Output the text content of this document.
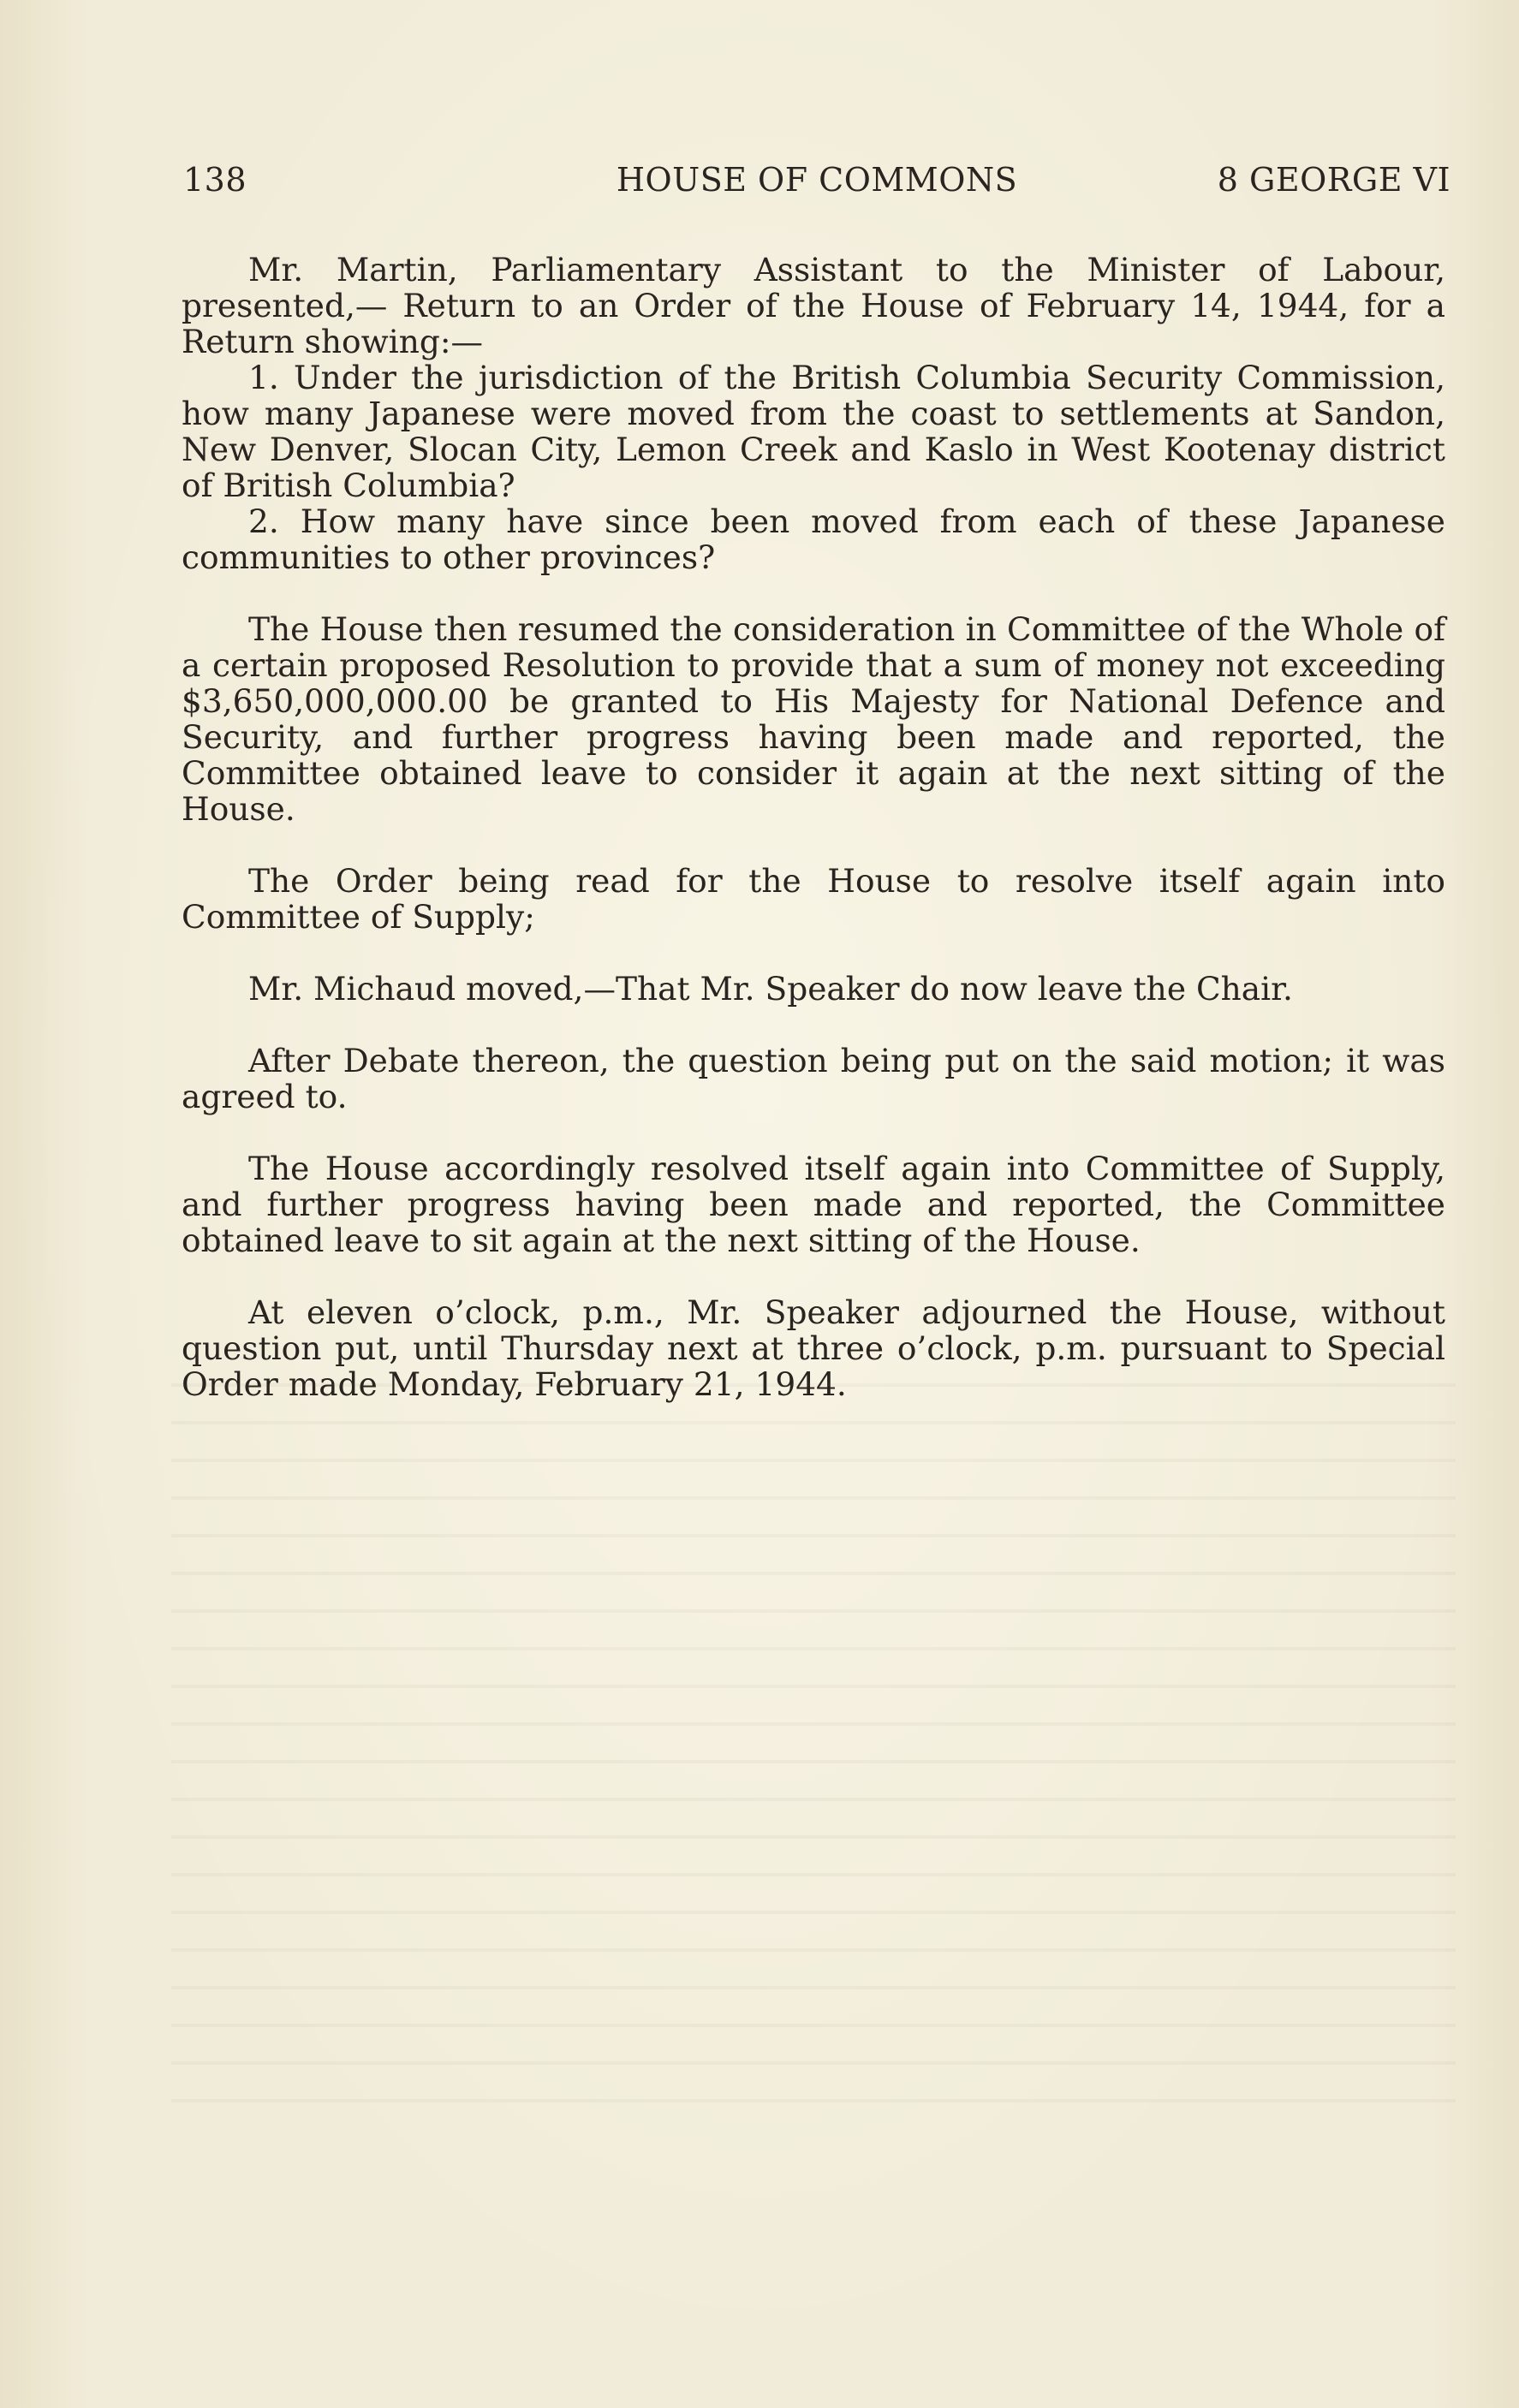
138	HOUSE OF COMMONS	8 GEORGE VI

Mr. Martin, Parliamentary Assistant to the Minister of Labour, presented,— Return to an Order of the House of February 14, 1944, for a Return showing:—

1. Under the jurisdiction of the British Columbia Security Commission, how many Japanese were moved from the coast to settlements at Sandon, New Denver, Slocan City, Lemon Creek and Kaslo in West Kootenay district of British Columbia?

2. How many have since been moved from each of these Japanese communities to other provinces?

The House then resumed the consideration in Committee of the Whole of a certain proposed Resolution to provide that a sum of money not exceeding $3,650,000,000.00 be granted to His Majesty for National Defence and Security, and further progress having been made and reported, the Committee obtained leave to consider it again at the next sitting of the House.

The Order being read for the House to resolve itself again into Committee of Supply;

Mr. Michaud moved,—That Mr. Speaker do now leave the Chair.

After Debate thereon, the question being put on the said motion; it was agreed to.

The House accordingly resolved itself again into Committee of Supply, and further progress having been made and reported, the Committee obtained leave to sit again at the next sitting of the House.

At eleven o’clock, p.m., Mr. Speaker adjourned the House, without question put, until Thursday next at three o’clock, p.m. pursuant to Special Order made Monday, February 21, 1944.
